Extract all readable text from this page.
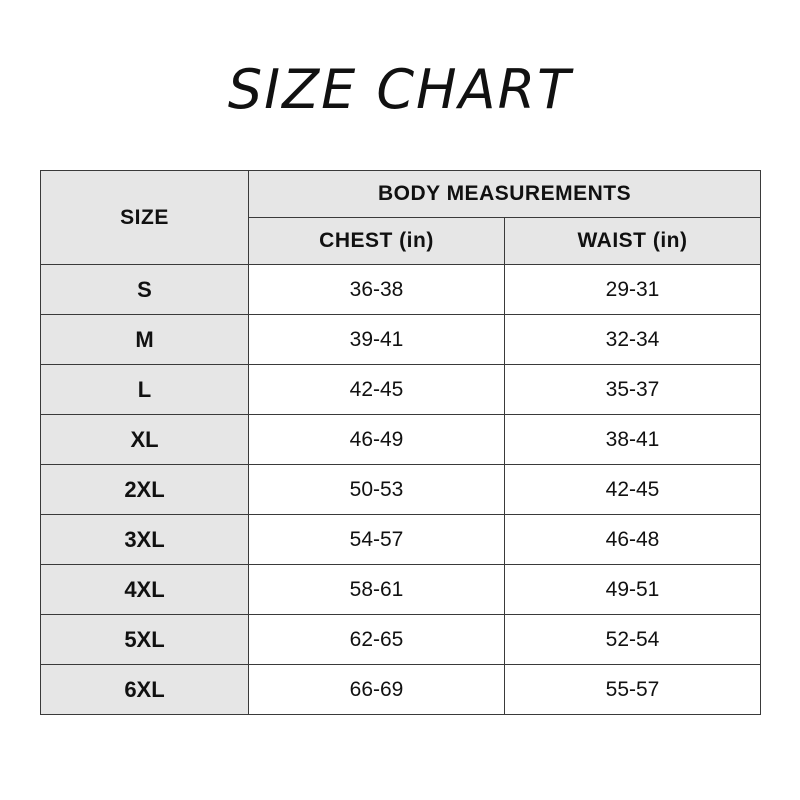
SIZE CHART
SIZE	BODY MEASUREMENTS	
	CHEST (in)	WAIST (in)
S	36-38	29-31
M	39-41	32-34
L	42-45	35-37
XL	46-49	38-41
2XL	50-53	42-45
3XL	54-57	46-48
4XL	58-61	49-51
5XL	62-65	52-54
6XL	66-69	55-57
